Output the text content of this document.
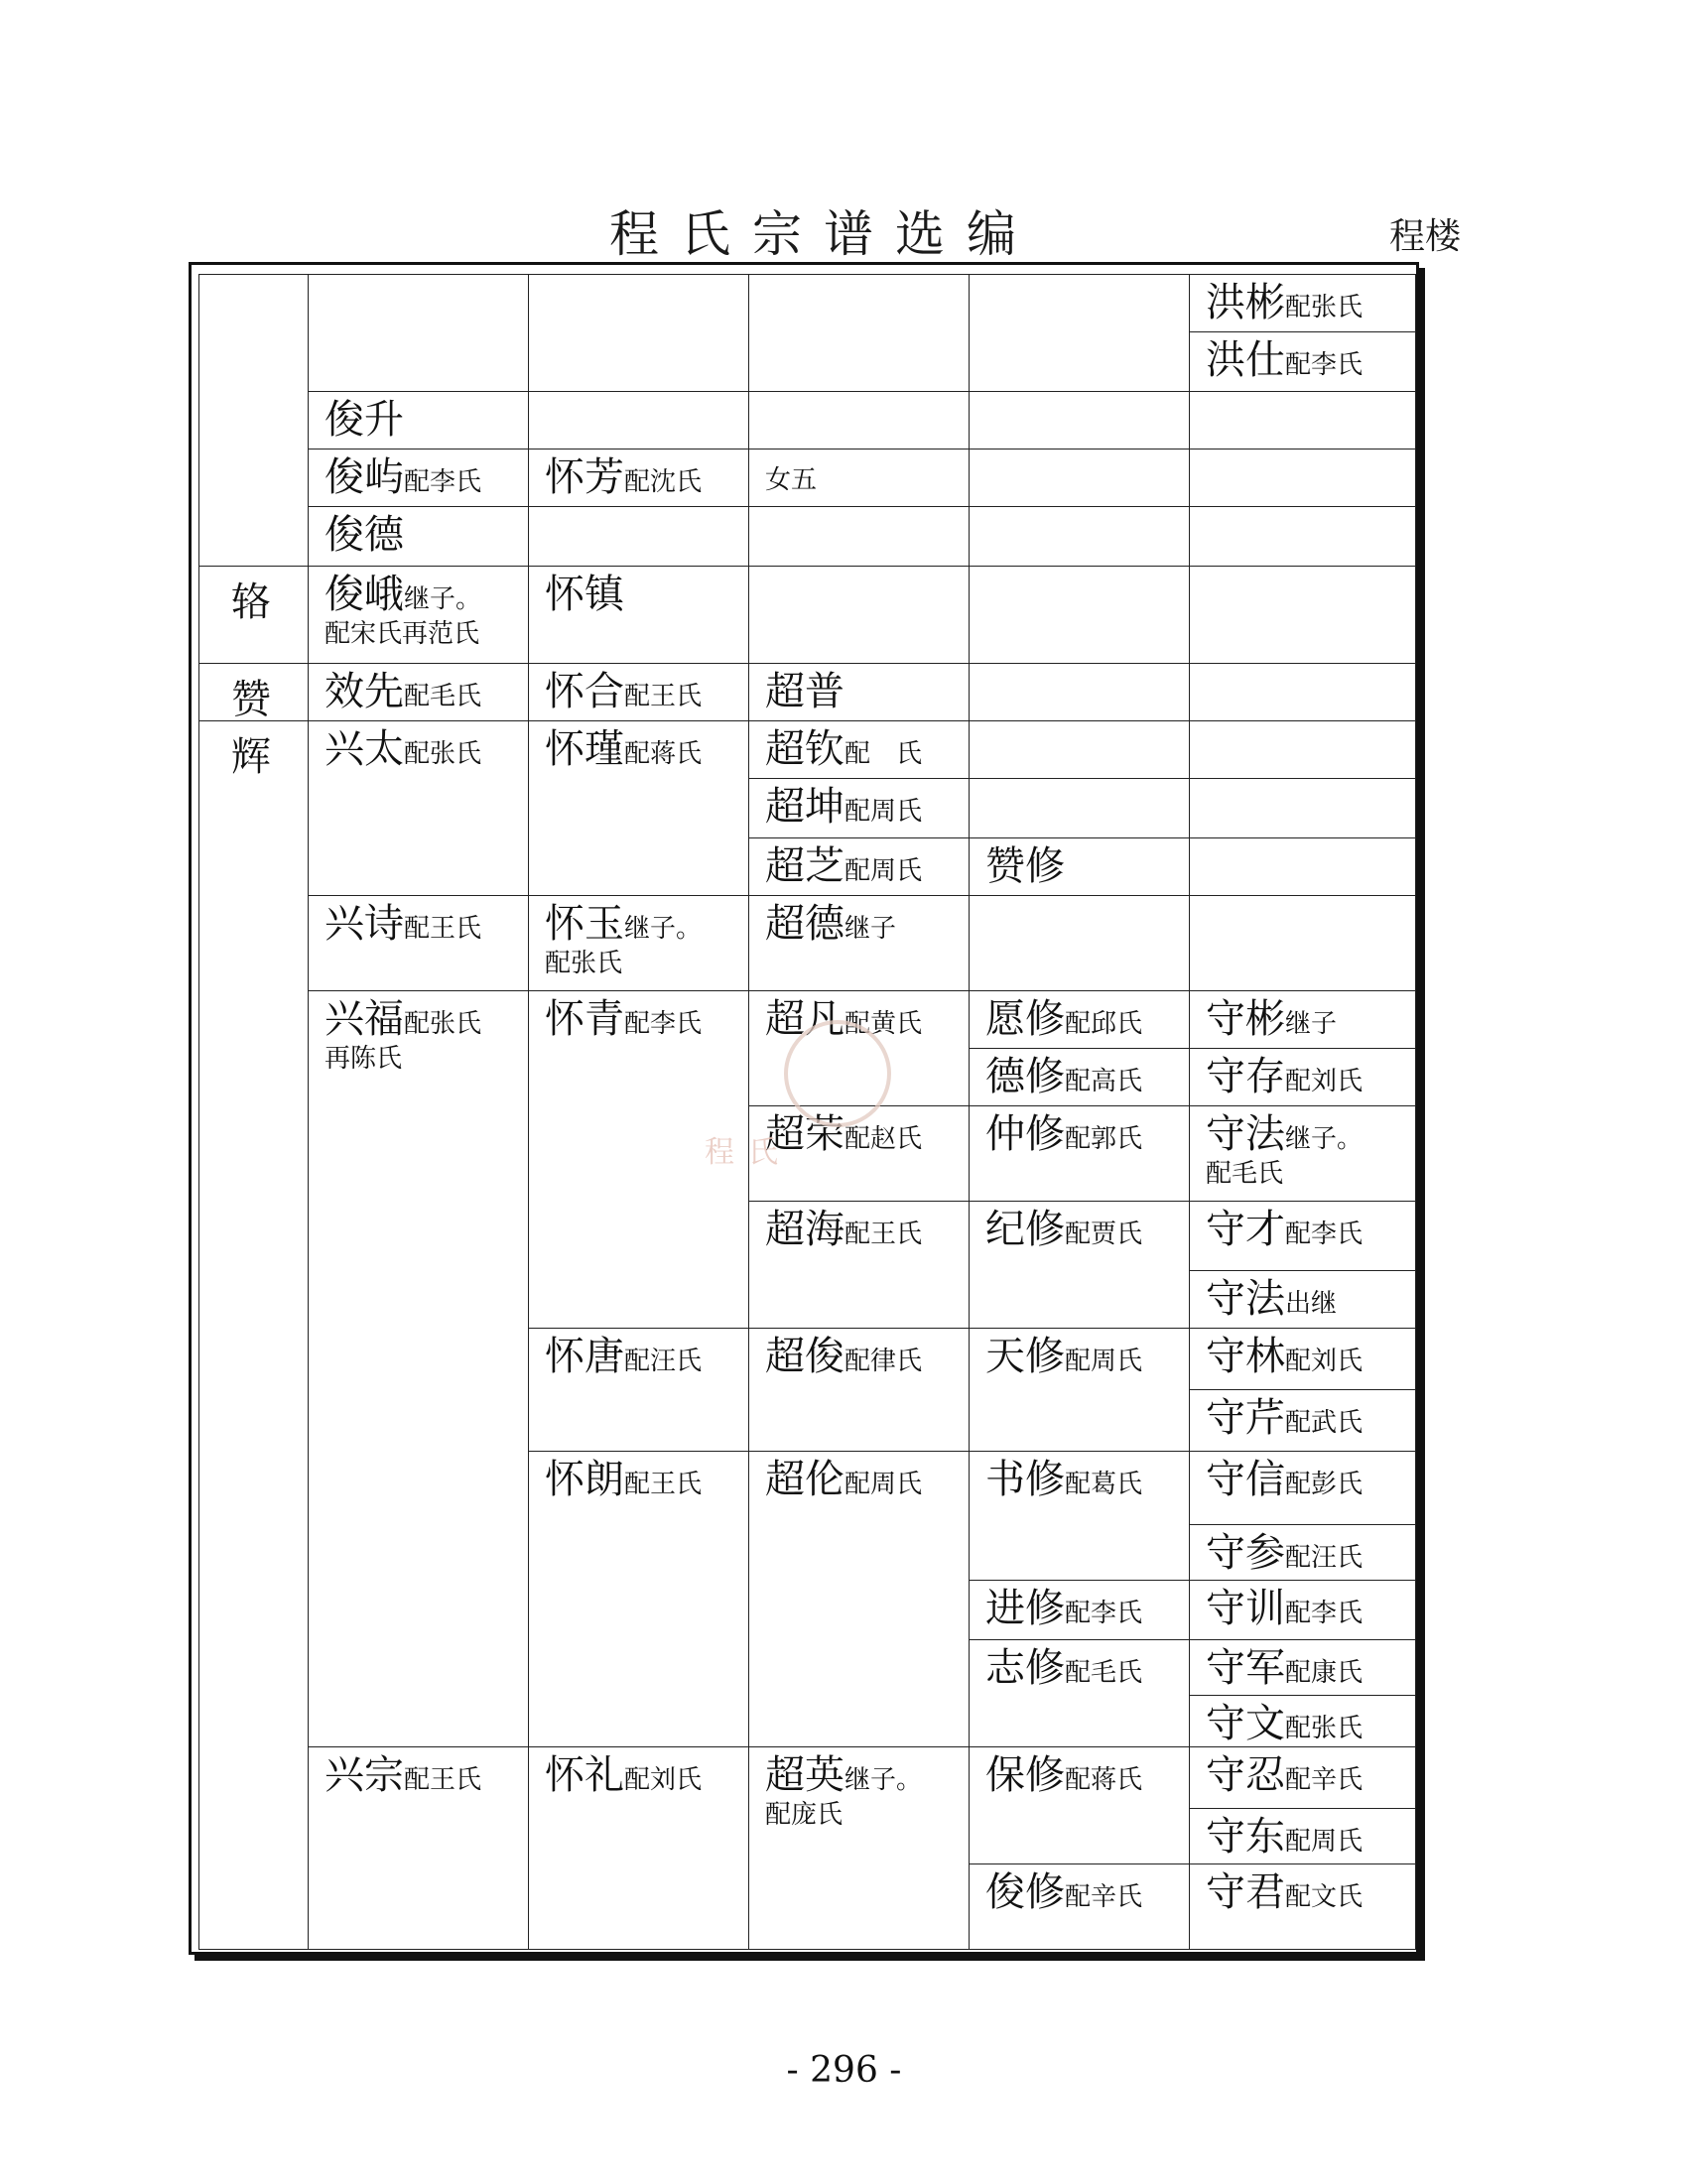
程氏宗谱选编	程楼
辂
赞
辉
俊升
俊屿配李氏
俊德
俊峨继子。
配宋氏再范氏
效先配毛氏
兴太配张氏
兴诗配王氏
兴福配张氏
再陈氏
兴宗配王氏
怀芳配沈氏
怀镇
怀合配王氏
怀瑾配蒋氏
怀玉继子。
配张氏
怀青配李氏
怀唐配汪氏
怀朗配王氏
怀礼配刘氏
女五
超普
超钦配　氏
超坤配周氏
超芝配周氏
超德继子
超凡配黄氏
超荣配赵氏
超海配王氏
超俊配律氏
超伦配周氏
超英继子。
配庞氏
赞修
愿修配邱氏
德修配高氏
仲修配郭氏
纪修配贾氏
天修配周氏
书修配葛氏
进修配李氏
志修配毛氏
保修配蒋氏
俊修配辛氏
洪彬配张氏
洪仕配李氏
守彬继子
守存配刘氏
守法继子。
配毛氏
守才配李氏
守法出继
守林配刘氏
守芹配武氏
守信配彭氏
守参配汪氏
守训配李氏
守军配康氏
守文配张氏
守忍配辛氏
守东配周氏
守君配文氏
程氏
- 296 -
